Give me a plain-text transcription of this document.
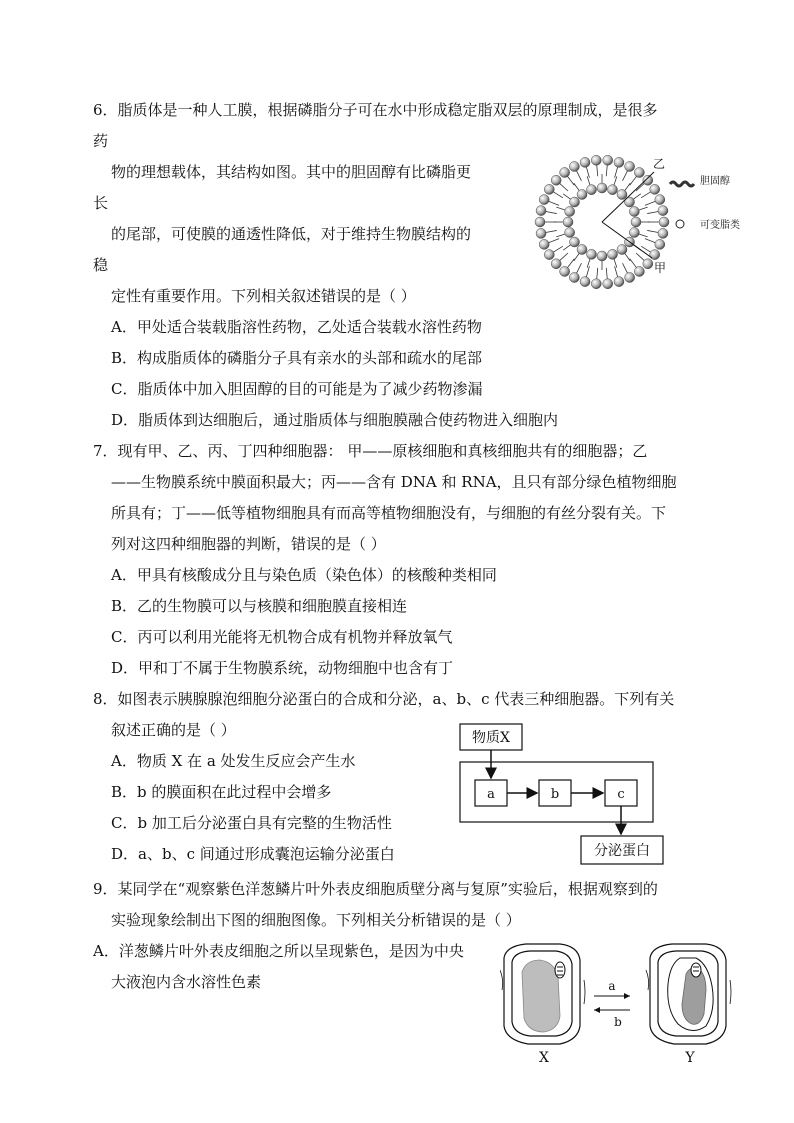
6．脂质体是一种人工膜，根据磷脂分子可在水中形成稳定脂双层的原理制成，是很多
药
物的理想载体，其结构如图。其中的胆固醇有比磷脂更
长
的尾部，可使膜的通透性降低，对于维持生物膜结构的
稳
定性有重要作用。下列相关叙述错误的是（ ）
A．甲处适合装载脂溶性药物，乙处适合装载水溶性药物
B．构成脂质体的磷脂分子具有亲水的头部和疏水的尾部
C．脂质体中加入胆固醇的目的可能是为了减少药物渗漏
D．脂质体到达细胞后，通过脂质体与细胞膜融合使药物进入细胞内
乙
甲
胆固醇
可变脂类
7．现有甲、乙、丙、丁四种细胞器： 甲——原核细胞和真核细胞共有的细胞器；乙
——生物膜系统中膜面积最大；丙——含有 DNA 和 RNA，且只有部分绿色植物细胞
所具有；丁——低等植物细胞具有而高等植物细胞没有，与细胞的有丝分裂有关。下
列对这四种细胞器的判断，错误的是（ ）
A．甲具有核酸成分且与染色质（染色体）的核酸种类相同
B．乙的生物膜可以与核膜和细胞膜直接相连
C．丙可以利用光能将无机物合成有机物并释放氧气
D．甲和丁不属于生物膜系统，动物细胞中也含有丁
8．如图表示胰腺腺泡细胞分泌蛋白的合成和分泌，a、b、c 代表三种细胞器。下列有关
叙述正确的是（ ）
A．物质 X 在 a 处发生反应会产生水
B．b 的膜面积在此过程中会增多
C．b 加工后分泌蛋白具有完整的生物活性
D．a、b、c 间通过形成囊泡运输分泌蛋白
物质X
a	b	c
分泌蛋白
9．某同学在“观察紫色洋葱鳞片叶外表皮细胞质壁分离与复原”实验后，根据观察到的
实验现象绘制出下图的细胞图像。下列相关分析错误的是（ ）
A．洋葱鳞片叶外表皮细胞之所以呈现紫色，是因为中央
大液泡内含水溶性色素
X
a
b
Y
